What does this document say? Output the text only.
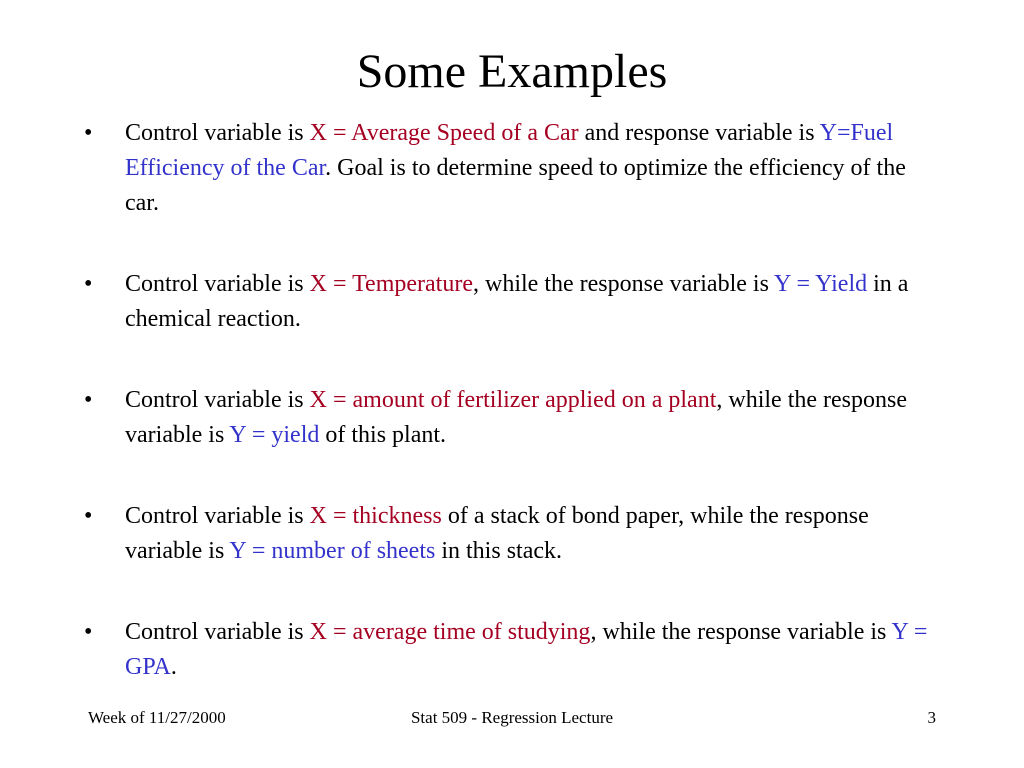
Some Examples
• Control variable is X = Average Speed of a Car and response variable is Y=Fuel Efficiency of the Car. Goal is to determine speed to optimize the efficiency of the car.
• Control variable is X = Temperature, while the response variable is Y = Yield in a chemical reaction.
• Control variable is X = amount of fertilizer applied on a plant, while the response variable is Y = yield of this plant.
• Control variable is X = thickness of a stack of bond paper, while the response variable is Y = number of sheets in this stack.
• Control variable is X = average time of studying, while the response variable is Y = GPA.
Week of 11/27/2000	Stat 509 - Regression Lecture	3
